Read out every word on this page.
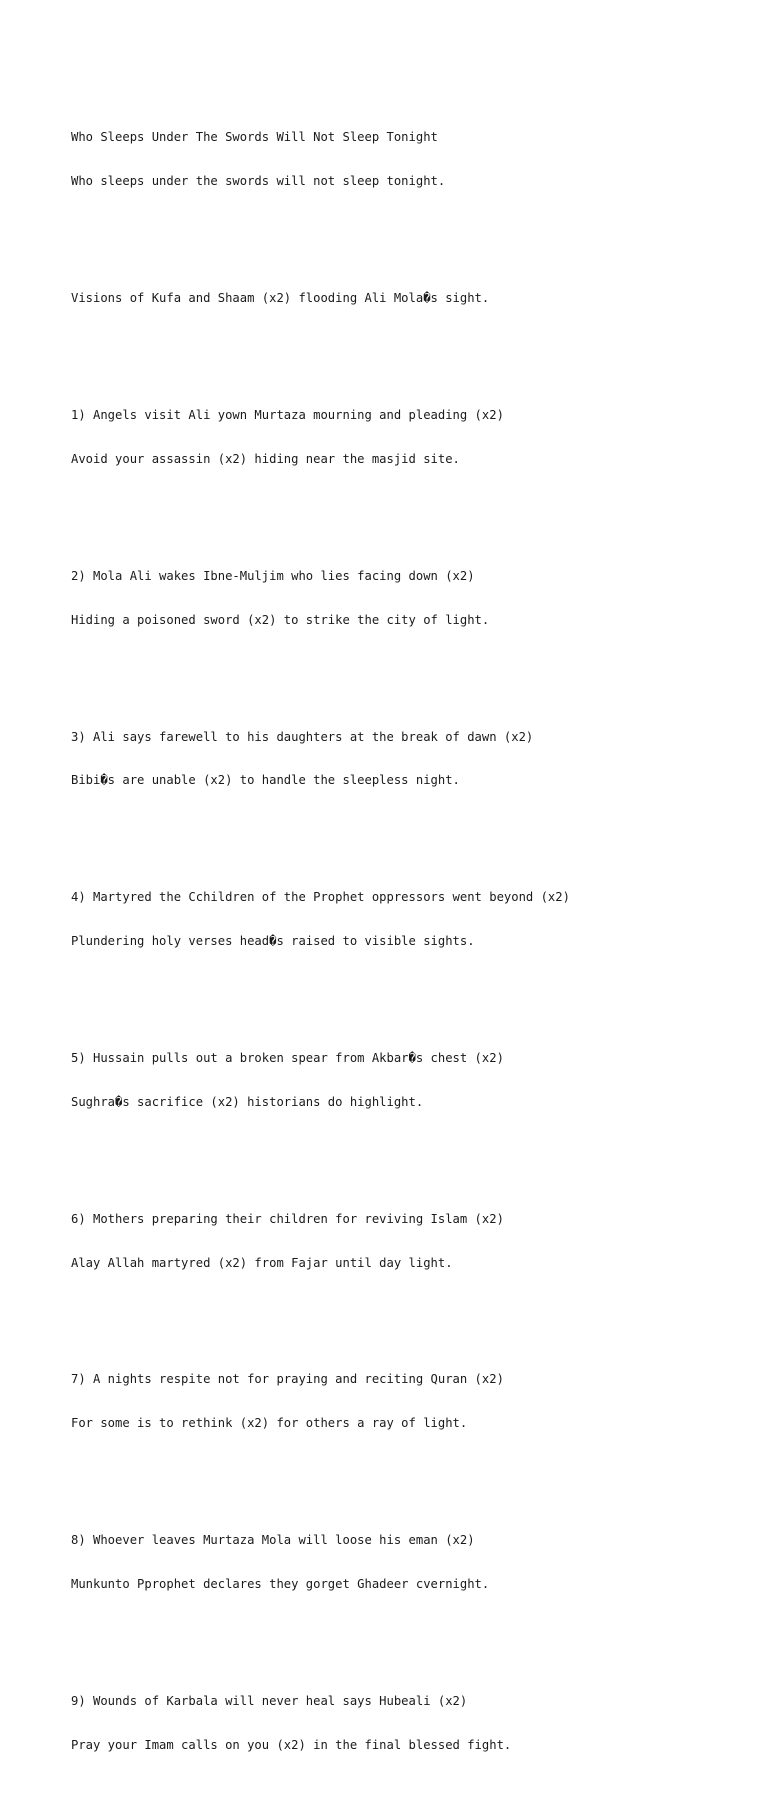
Who Sleeps Under The Swords Will Not Sleep Tonight

Who sleeps under the swords will not sleep tonight.

Visions of Kufa and Shaam (x2) flooding Ali Mola�s sight.

1) Angels visit Ali yown Murtaza mourning and pleading (x2)

Avoid your assassin (x2) hiding near the masjid site.

2) Mola Ali wakes Ibne-Muljim who lies facing down (x2)

Hiding a poisoned sword (x2) to strike the city of light.

3) Ali says farewell to his daughters at the break of dawn (x2)

Bibi�s are unable (x2) to handle the sleepless night.

4) Martyred the Cchildren of the Prophet oppressors went beyond (x2)

Plundering holy verses head�s raised to visible sights.

5) Hussain pulls out a broken spear from Akbar�s chest (x2)

Sughra�s sacrifice (x2) historians do highlight.

6) Mothers preparing their children for reviving Islam (x2)

Alay Allah martyred (x2) from Fajar until day light.

7) A nights respite not for praying and reciting Quran (x2)

For some is to rethink (x2) for others a ray of light.

8) Whoever leaves Murtaza Mola will loose his eman (x2)

Munkunto Pprophet declares they gorget Ghadeer cvernight.

9) Wounds of Karbala will never heal says Hubeali (x2)

Pray your Imam calls on you (x2) in the final blessed fight.
